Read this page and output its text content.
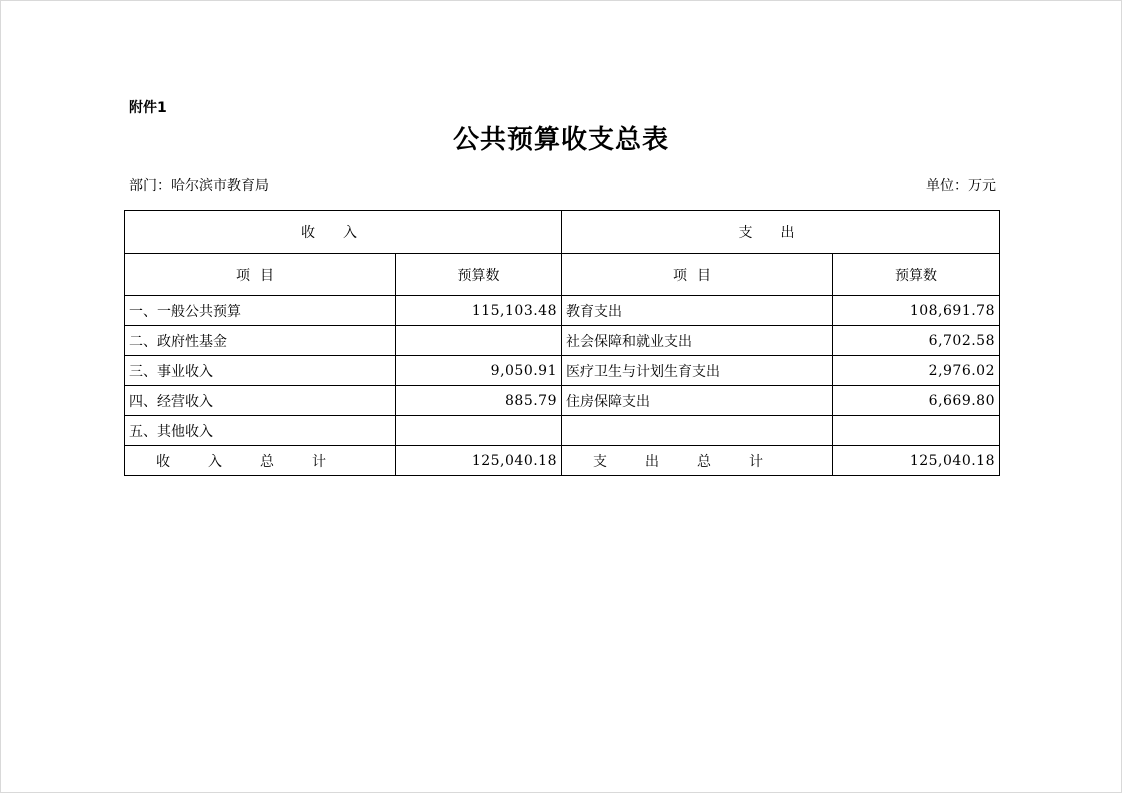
附件1
公共预算收支总表
部门：哈尔滨市教育局	单位：万元
收入		支出	
项目	预算数	项目	预算数
一、一般公共预算	115,103.48	教育支出	108,691.78
二、政府性基金		社会保障和就业支出	6,702.58
三、事业收入	9,050.91	医疗卫生与计划生育支出	2,976.02
四、经营收入	885.79	住房保障支出	6,669.80
五、其他收入			
收入总计	125,040.18	支出总计	125,040.18
